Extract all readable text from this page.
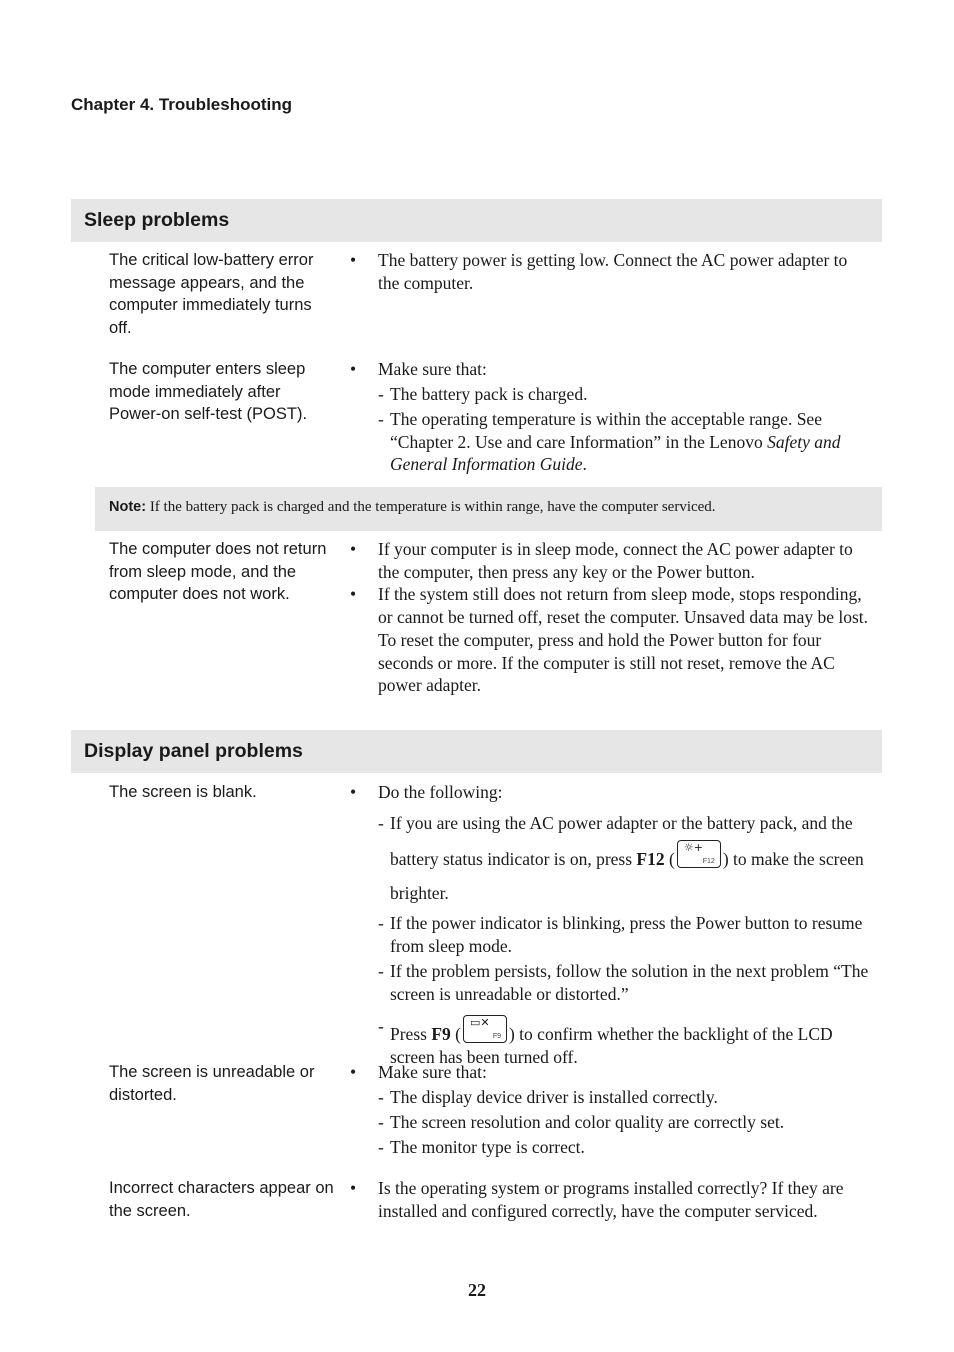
Chapter 4. Troubleshooting
Sleep problems
The critical low-battery error message appears, and the computer immediately turns off.
• The battery power is getting low. Connect the AC power adapter to the computer.
The computer enters sleep mode immediately after Power-on self-test (POST).
• Make sure that:
- The battery pack is charged.
- The operating temperature is within the acceptable range. See “Chapter 2. Use and care Information” in the Lenovo Safety and General Information Guide.
Note: If the battery pack is charged and the temperature is within range, have the computer serviced.
The computer does not return from sleep mode, and the computer does not work.
• If your computer is in sleep mode, connect the AC power adapter to the computer, then press any key or the Power button.
• If the system still does not return from sleep mode, stops responding, or cannot be turned off, reset the computer. Unsaved data may be lost. To reset the computer, press and hold the Power button for four seconds or more. If the computer is still not reset, remove the AC power adapter.
Display panel problems
The screen is blank.
•	Do the following:
- If you are using the AC power adapter or the battery pack, and the battery status indicator is on, press F12 (
☼+
F12 ) to make the screen brighter.
- If the power indicator is blinking, press the Power button to resume from sleep mode.
- If the problem persists, follow the solution in the next problem “The screen is unreadable or distorted.”
- Press F9 (
▭✕
F9 ) to confirm whether the backlight of the LCD screen has been turned off.
The screen is unreadable or distorted.
• Make sure that:
- The display device driver is installed correctly.
- The screen resolution and color quality are correctly set.
- The monitor type is correct.
Incorrect characters appear on the screen.
• Is the operating system or programs installed correctly? If they are installed and configured correctly, have the computer serviced.
22
